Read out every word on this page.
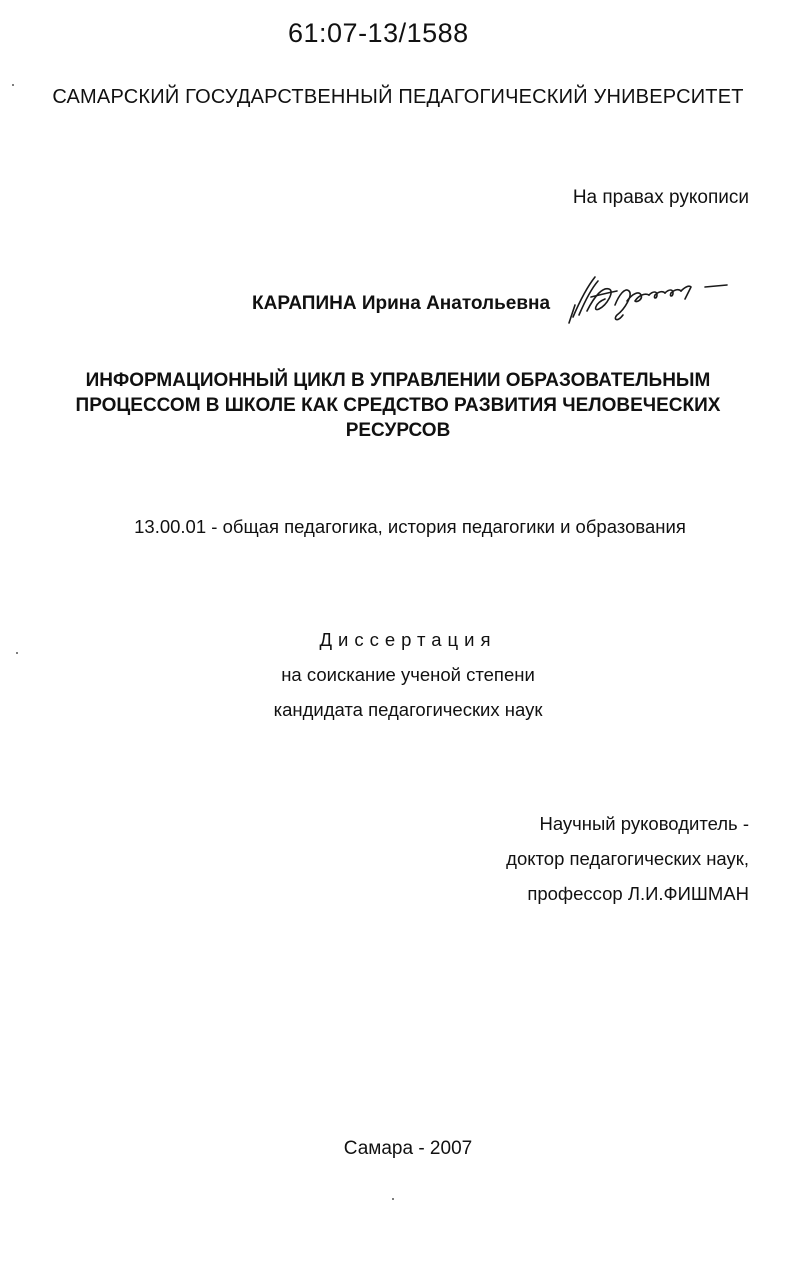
61:07-13/1588
САМАРСКИЙ ГОСУДАРСТВЕННЫЙ ПЕДАГОГИЧЕСКИЙ УНИВЕРСИТЕТ
На правах рукописи
КАРАПИНА Ирина Анатольевна
ИНФОРМАЦИОННЫЙ ЦИКЛ В УПРАВЛЕНИИ ОБРАЗОВАТЕЛЬНЫМ
ПРОЦЕССОМ В ШКОЛЕ КАК СРЕДСТВО РАЗВИТИЯ ЧЕЛОВЕЧЕСКИХ
РЕСУРСОВ
13.00.01 - общая педагогика, история педагогики и образования
Диссертация
на соискание ученой степени
кандидата педагогических наук
Научный руководитель -
доктор педагогических наук,
профессор Л.И.ФИШМАН
Самара - 2007
